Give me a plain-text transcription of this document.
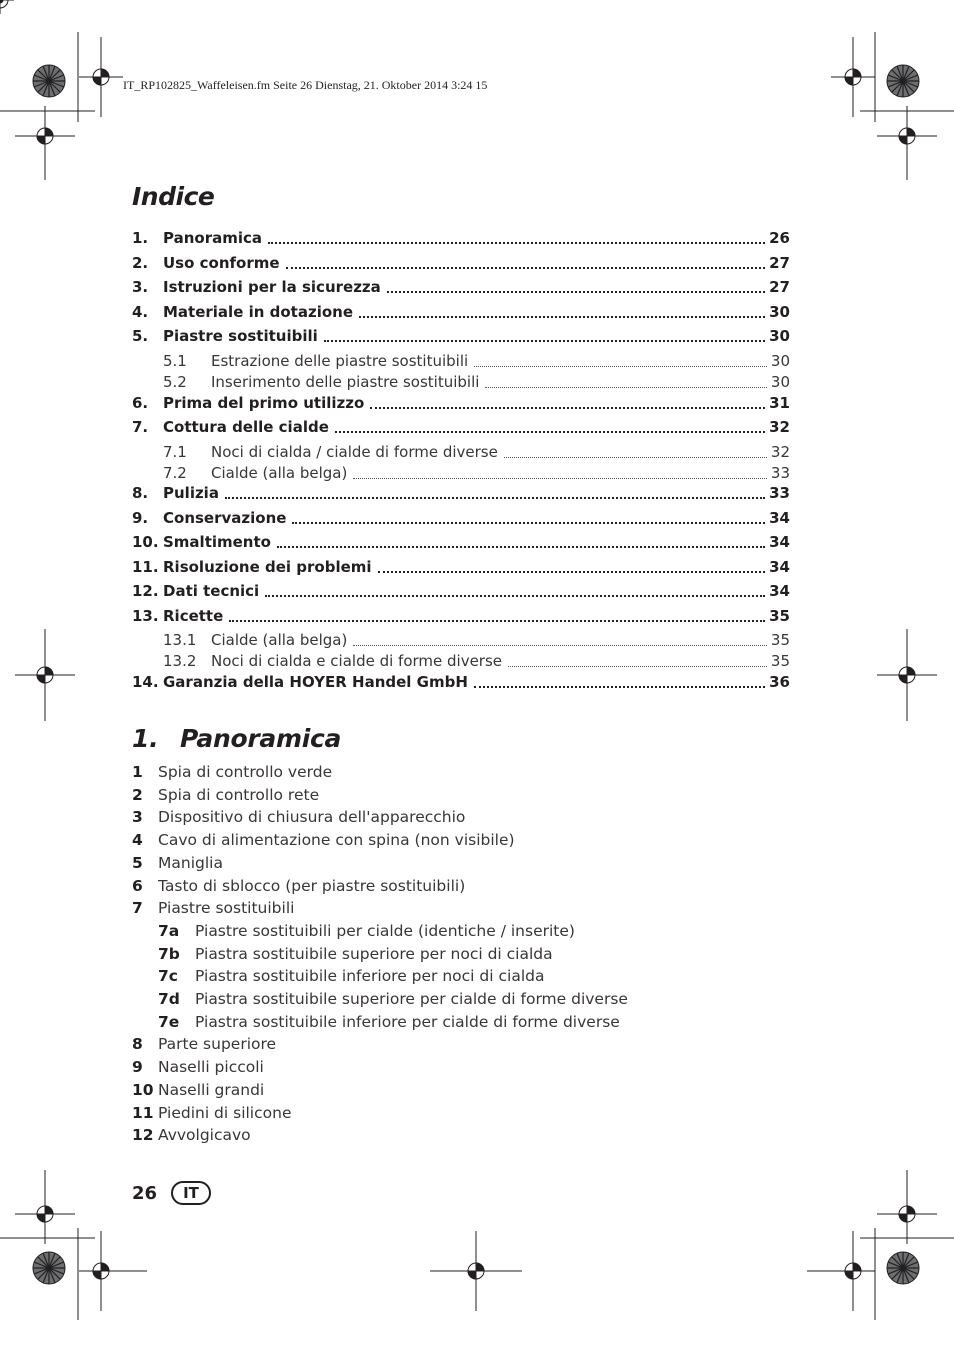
IT_RP102825_Waffeleisen.fm Seite 26 Dienstag, 21. Oktober 2014 3:24 15
Indice
1. Panoramica	26
2. Uso conforme	27
3. Istruzioni per la sicurezza	27
4. Materiale in dotazione	30
5. Piastre sostituibili	30
5.1	Estrazione delle piastre sostituibili	30
5.2	Inserimento delle piastre sostituibili	30
6. Prima del primo utilizzo	31
7. Cottura delle cialde	32
7.1	Noci di cialda / cialde di forme diverse	32
7.2	Cialde (alla belga)	33
8. Pulizia	33
9. Conservazione	34
10. Smaltimento	34
11. Risoluzione dei problemi	34
12. Dati tecnici	34
13. Ricette	35
13.1 Cialde (alla belga)	35
13.2 Noci di cialda e cialde di forme diverse	35
14. Garanzia della HOYER Handel GmbH	36
1. Panoramica
1 Spia di controllo verde
2 Spia di controllo rete
3 Dispositivo di chiusura dell'apparecchio
4 Cavo di alimentazione con spina (non visibile)
5 Maniglia
6 Tasto di sblocco (per piastre sostituibili)
7 Piastre sostituibili
7a Piastre sostituibili per cialde (identiche / inserite)
7b Piastra sostituibile superiore per noci di cialda
7c Piastra sostituibile inferiore per noci di cialda
7d Piastra sostituibile superiore per cialde di forme diverse
7e Piastra sostituibile inferiore per cialde di forme diverse
8 Parte superiore
9 Naselli piccoli
10 Naselli grandi
11 Piedini di silicone
12 Avvolgicavo
26	IT
